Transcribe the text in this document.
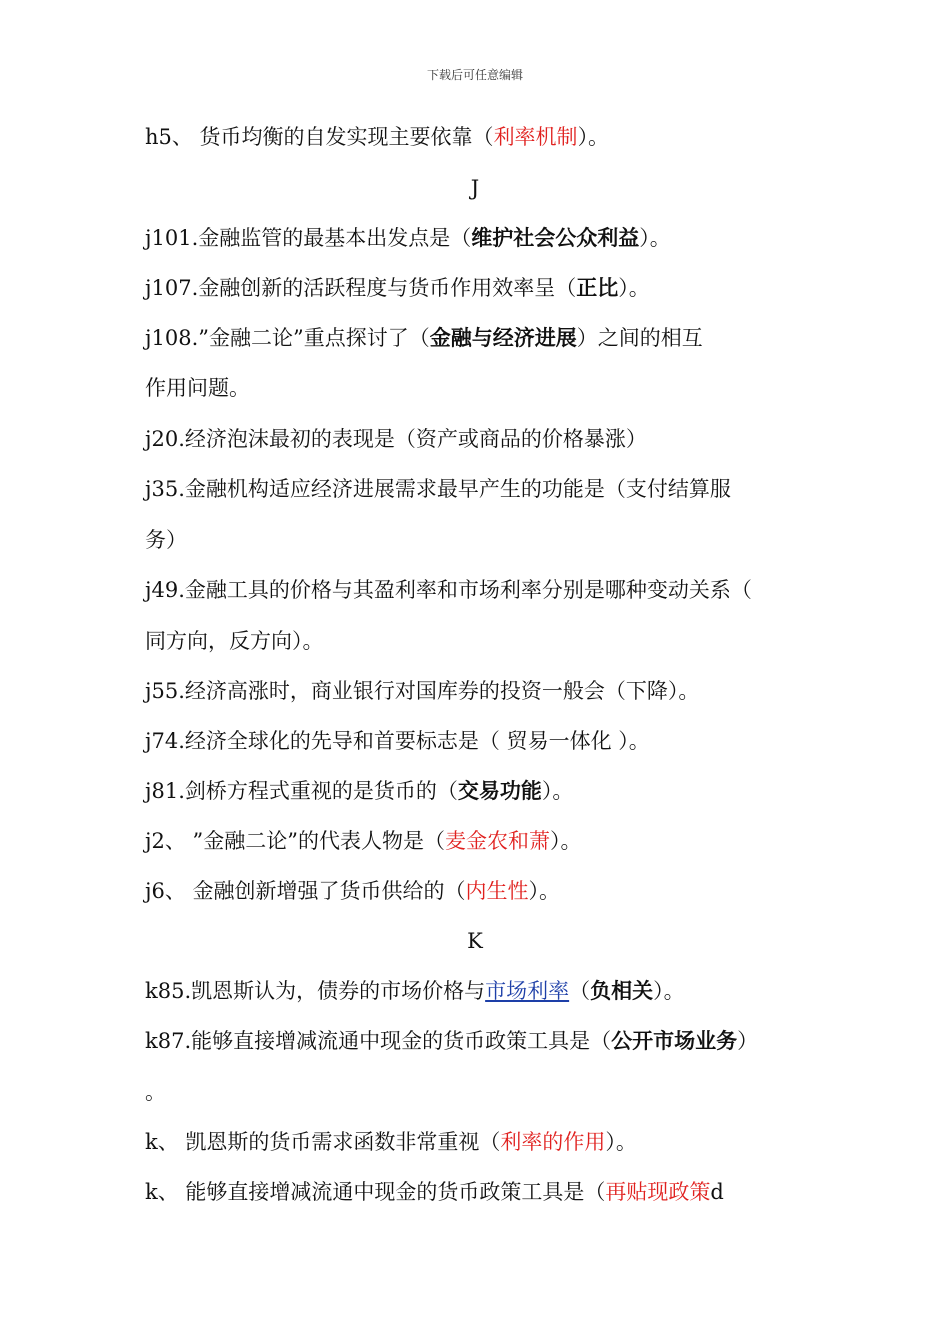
下载后可任意编辑
h5、 货币均衡的自发实现主要依靠（利率机制）。
J
j101.金融监管的最基本出发点是（维护社会公众利益）。
j107.金融创新的活跃程度与货币作用效率呈（正比）。
j108.”金融二论”重点探讨了（金融与经济进展）之间的相互
作用问题。
j20.经济泡沫最初的表现是（资产或商品的价格暴涨）
j35.金融机构适应经济进展需求最早产生的功能是（支付结算服
务）
j49.金融工具的价格与其盈利率和市场利率分别是哪种变动关系（
同方向，反方向）。
j55.经济高涨时，商业银行对国库券的投资一般会（下降）。
j74.经济全球化的先导和首要标志是（ 贸易一体化 ）。
j81.剑桥方程式重视的是货币的（交易功能）。
j2、 ”金融二论”的代表人物是（麦金农和萧）。
j6、 金融创新增强了货币供给的（内生性）。
K
k85.凯恩斯认为，债券的市场价格与市场利率（负相关）。
k87.能够直接增减流通中现金的货币政策工具是（公开市场业务）
。
k、 凯恩斯的货币需求函数非常重视（利率的作用）。
k、 能够直接增减流通中现金的货币政策工具是（再贴现政策d
